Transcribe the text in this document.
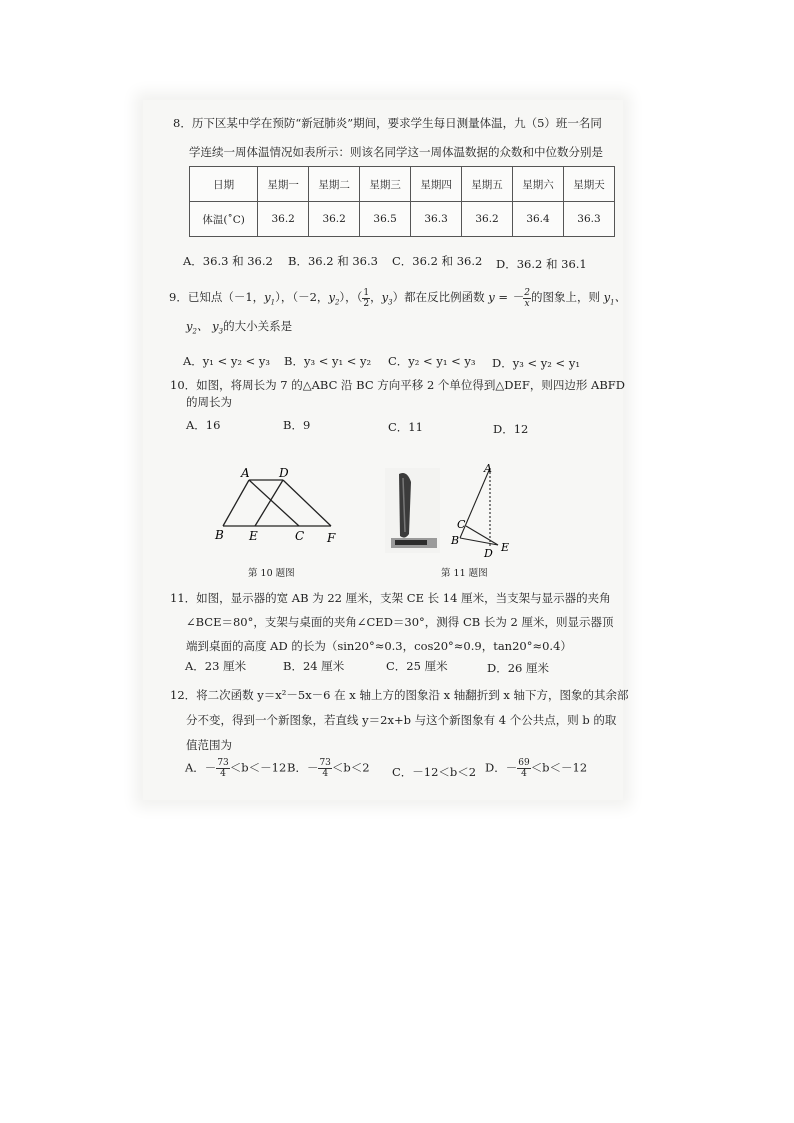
8．历下区某中学在预防“新冠肺炎”期间，要求学生每日测量体温，九（5）班一名同
学连续一周体温情况如表所示：则该名同学这一周体温数据的众数和中位数分别是
日期	星期一	星期二	星期三	星期四	星期五	星期六	星期天
体温(˚C)	36.2	36.2	36.5	36.3	36.2	36.4	36.3
A．36.3 和 36.2 B．36.2 和 36.3 C．36.2 和 36.2 D．36.2 和 36.1
9．已知点（－1，$y_1$），（－2，$y_2$），（ $\frac{1}{2}$ ，$y_3$）都在反比例函数 y = － $\frac{2}{x}$ 的图象上，则 $y_1$、
$y_2$、 $y_3$的大小关系是
A．y₁ < y₂ < y₃ B．y₃ < y₁ < y₂ C．y₂ < y₁ < y₃ D．y₃ < y₂ < y₁
10．如图，将周长为 7 的△ABC 沿 BC 方向平移 2 个单位得到△DEF，则四边形 ABFD
的周长为
A．16	B．9	C．11	D．12
A D
B E	C F
第 10 题图
A
C
B
D E
第 11 题图
11．如图，显示器的宽 AB 为 22 厘米，支架 CE 长 14 厘米，当支架与显示器的夹角
∠BCE＝80°，支架与桌面的夹角∠CED＝30°，测得 CB 长为 2 厘米，则显示器顶
端到桌面的高度 AD 的长为（sin20°≈0.3，cos20°≈0.9，tan20°≈0.4）
A．23 厘米	B．24 厘米	C．25 厘米	D．26 厘米
12．将二次函数 y＝x²－5x－6 在 x 轴上方的图象沿 x 轴翻折到 x 轴下方，图象的其余部
分不变，得到一个新图象，若直线 y＝2x+b 与这个新图象有 4 个公共点，则 b 的取
值范围为
A．－ $\frac{73}{4} <b<-12$ B．－ $\frac{73}{4} <b<2$ C．－12＜b＜2 D．－ $\frac{69}{4} <b<-12$
